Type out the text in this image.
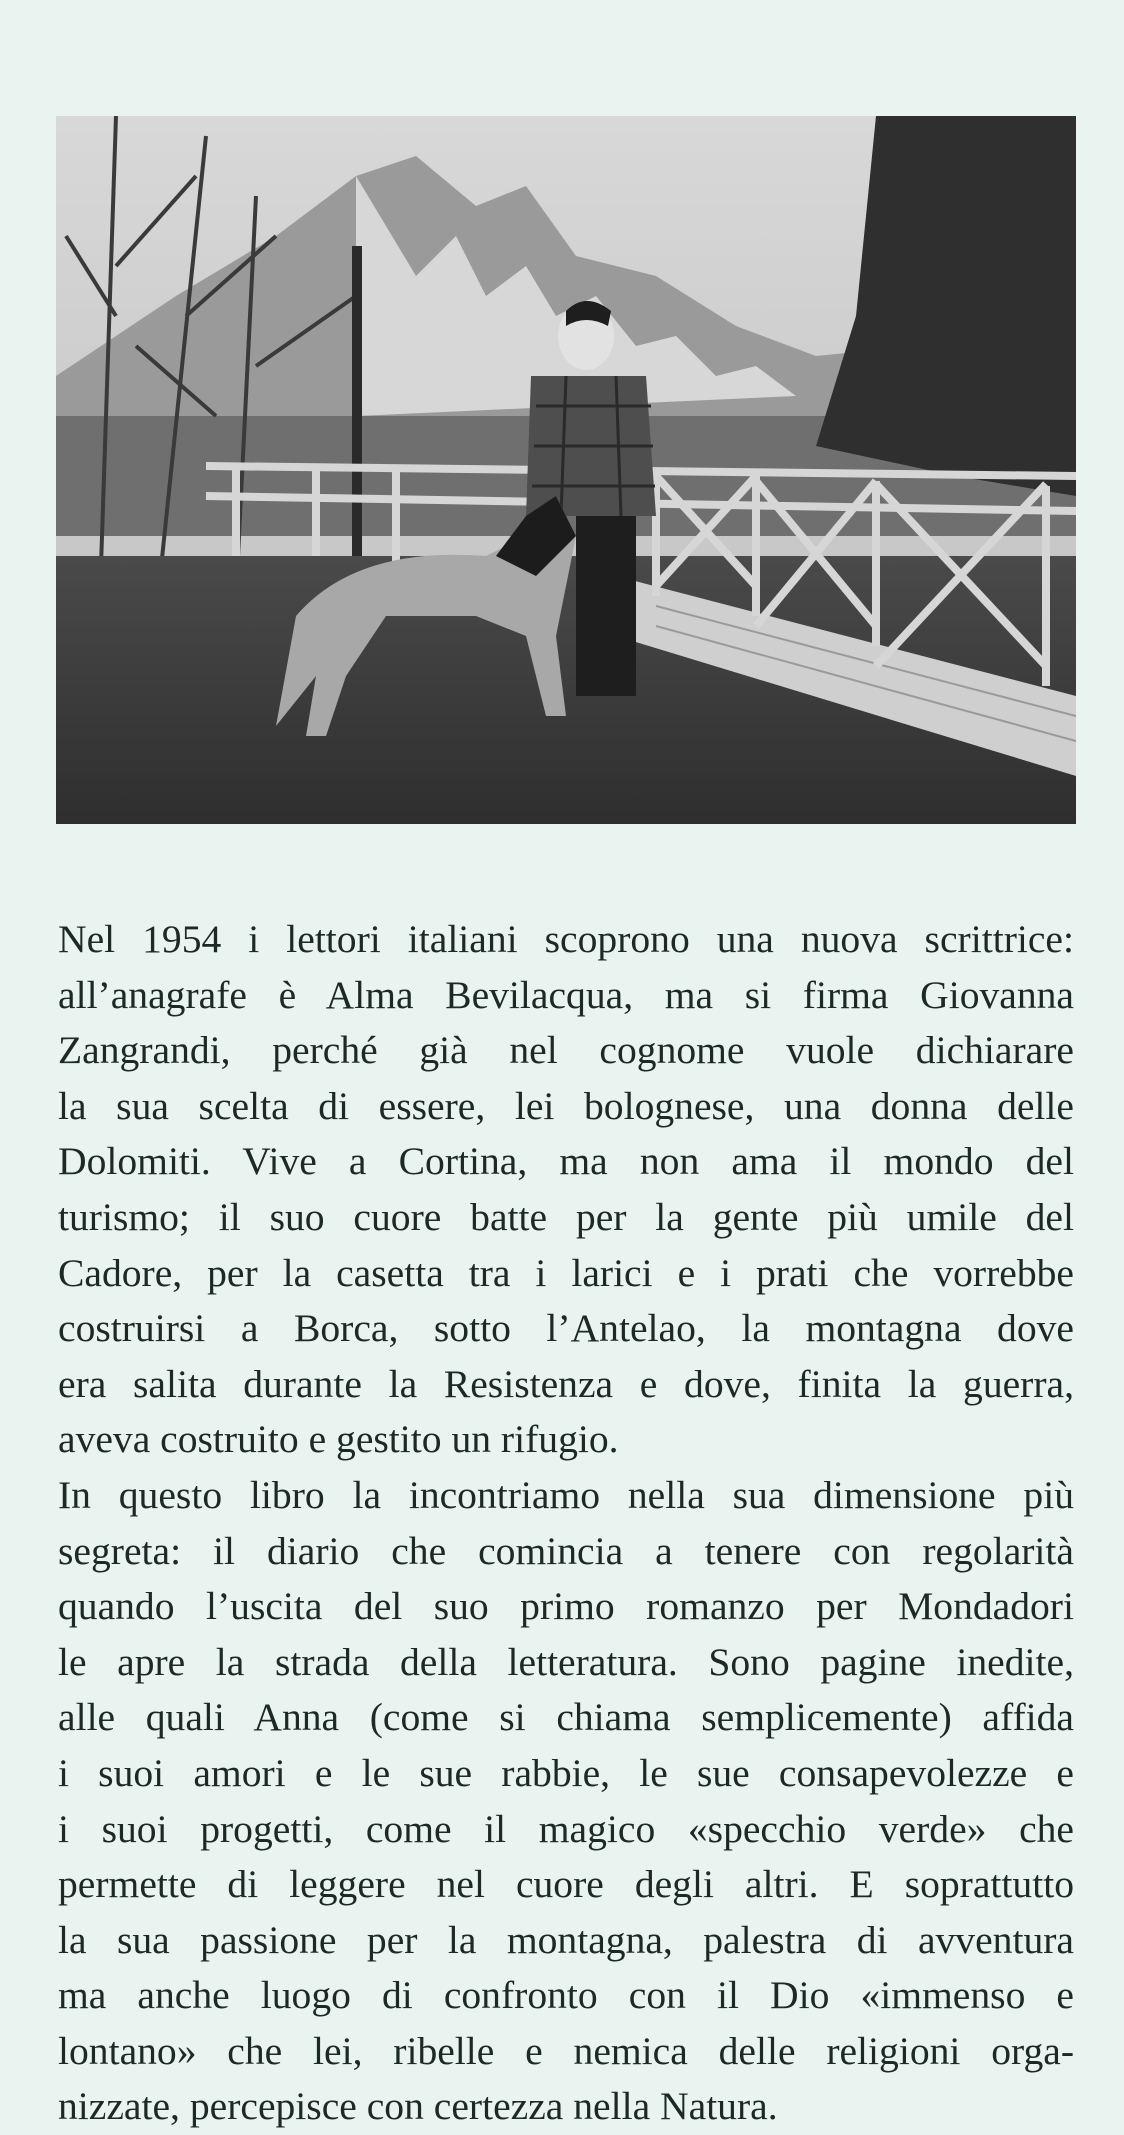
Nel 1954 i lettori italiani scoprono una nuova scrittrice:
all’anagrafe è Alma Bevilacqua, ma si firma Giovanna
Zangrandi, perché già nel cognome vuole dichiarare
la sua scelta di essere, lei bolognese, una donna delle
Dolomiti. Vive a Cortina, ma non ama il mondo del
turismo; il suo cuore batte per la gente più umile del
Cadore, per la casetta tra i larici e i prati che vorrebbe
costruirsi a Borca, sotto l’Antelao, la montagna dove
era salita durante la Resistenza e dove, finita la guerra,
aveva costruito e gestito un rifugio.
In questo libro la incontriamo nella sua dimensione più
segreta: il diario che comincia a tenere con regolarità
quando l’uscita del suo primo romanzo per Mondadori
le apre la strada della letteratura. Sono pagine inedite,
alle quali Anna (come si chiama semplicemente) affida
i suoi amori e le sue rabbie, le sue consapevolezze e
i suoi progetti, come il magico «specchio verde» che
permette di leggere nel cuore degli altri. E soprattutto
la sua passione per la montagna, palestra di avventura
ma anche luogo di confronto con il Dio «immenso e
lontano» che lei, ribelle e nemica delle religioni orga-
nizzate, percepisce con certezza nella Natura.
